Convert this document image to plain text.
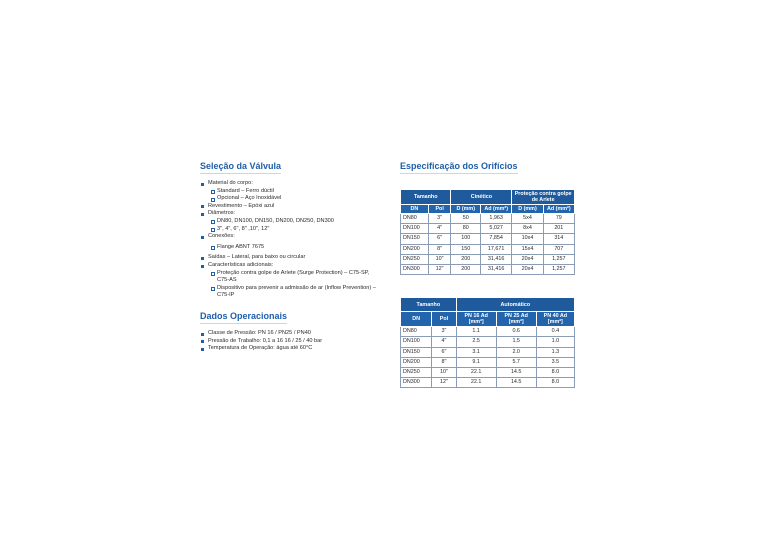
Seleção da Válvula
Material do corpo:
Standard – Ferro dúctil
Opcional – Aço Inoxidável
Revestimento – Epóxi azul
Diâmetros:
DN80, DN100, DN150, DN200, DN250, DN300
3", 4", 6", 8" ,10", 12"
Conexões:
Flange ABNT 7675
Saídas – Lateral, para baixo ou circular
Características adicionais:
Proteção contra golpe de Aríete (Surge Protection) – C75-SP, C75-AS
Dispositivo para prevenir a admissão de ar (Inflow Prevention) – C75-IP
Dados Operacionais
Classe de Pressão: PN 16 / PN25 / PN40
Pressão de Trabalho: 0,1 a 16 16 / 25 / 40 bar
Temperatura de Operação: água até 60°C
Especificação dos Orifícios
Tamanho		Cinético		Proteção contra golpe de Aríete	
DN	Pol	D (mm)	Ad (mm²)	D (mm)	Ad (mm²)
DN80	3"	50	1,963	5x4	79
DN100	4"	80	5,027	8x4	201
DN150	6"	100	7,854	10x4	314
DN200	8"	150	17,671	15x4	707
DN250	10"	200	31,416	20x4	1,257
DN300	12"	200	31,416	20x4	1,257
Tamanho		Automático		
DN	Pol	PN 16 Ad [mm²]	PN 25 Ad [mm²]	PN 40 Ad [mm²]
DN80	3"	1.1	0.6	0.4
DN100	4"	2.5	1.5	1.0
DN150	6"	3.1	2.0	1.3
DN200	8"	9.1	5.7	3.5
DN250	10"	22.1	14.5	8.0
DN300	12"	22.1	14.5	8.0
